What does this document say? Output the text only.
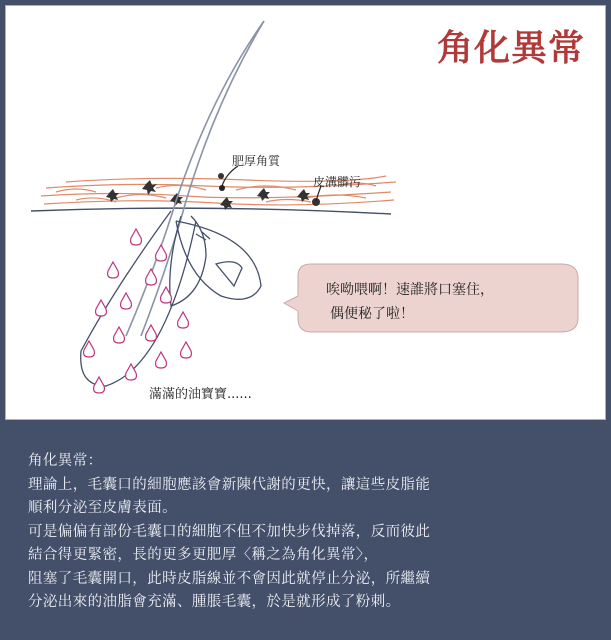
角化異常
肥厚角質
皮溝髒污
滿滿的油寶寶......
唉呦喂啊！速誰將口塞住，
偶便秘了啦！
角化異常：
理論上，毛囊口的細胞應該會新陳代謝的更快，讓這些皮脂能
順利分泌至皮膚表面。
可是偏偏有部份毛囊口的細胞不但不加快步伐掉落，反而彼此
結合得更緊密，長的更多更肥厚〈稱之為角化異常〉，
阻塞了毛囊開口，此時皮脂線並不會因此就停止分泌，所繼續
分泌出來的油脂會充滿、腫脹毛囊，於是就形成了粉刺。
